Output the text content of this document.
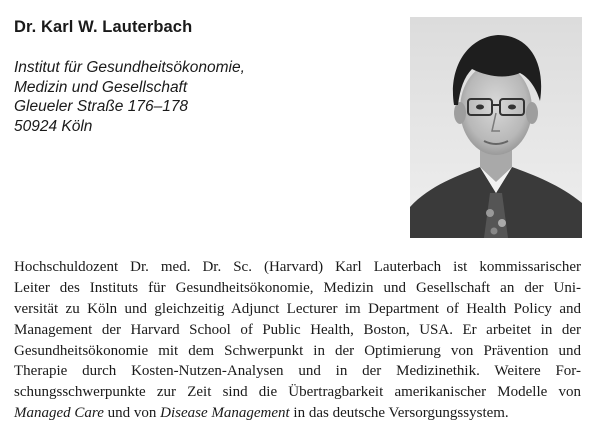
Dr. Karl W. Lauterbach
Institut für Gesundheitsökonomie,
Medizin und Gesellschaft
Gleueler Straße 176–178
50924 Köln
Hochschuldozent Dr. med. Dr. Sc. (Harvard) Karl Lauterbach ist kommissarischer
Leiter des Instituts für Gesundheitsökonomie, Medizin und Gesellschaft an der Uni-
versität zu Köln und gleichzeitig Adjunct Lecturer im Department of Health Policy and
Management der Harvard School of Public Health, Boston, USA. Er arbeitet in der
Gesundheitsökonomie mit dem Schwerpunkt in der Optimierung von Prävention und
Therapie durch Kosten-Nutzen-Analysen und in der Medizinethik. Weitere For-
schungsschwerpunkte zur Zeit sind die Übertragbarkeit amerikanischer Modelle von
Managed Care und von Disease Management in das deutsche Versorgungssystem.
